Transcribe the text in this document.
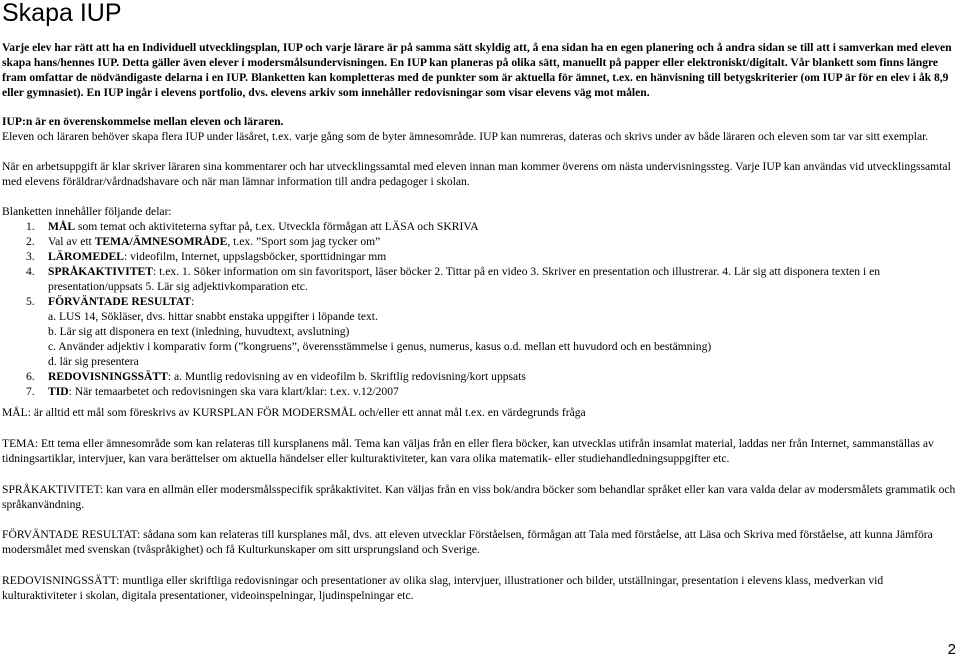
Skapa IUP

Varje elev har rätt att ha en Individuell utvecklingsplan, IUP och varje lärare är på samma sätt skyldig att, å ena sidan ha en egen planering och å andra sidan se till att i samverkan med eleven skapa hans/hennes IUP. Detta gäller även elever i modersmålsundervisningen. En IUP kan planeras på olika sätt, manuellt på papper eller elektroniskt/digitalt. Vår blankett som finns längre fram omfattar de nödvändigaste delarna i en IUP. Blanketten kan kompletteras med de punkter som är aktuella för ämnet, t.ex. en hänvisning till betygskriterier (om IUP är för en elev i åk 8,9 eller gymnasiet). En IUP ingår i elevens portfolio, dvs. elevens arkiv som innehåller redovisningar som visar elevens väg mot målen.

IUP:n är en överenskommelse mellan eleven och läraren.

Eleven och läraren behöver skapa flera IUP under läsåret, t.ex. varje gång som de byter ämnesområde. IUP kan numreras, dateras och skrivs under av både läraren och eleven som tar var sitt exemplar.

När en arbetsuppgift är klar skriver läraren sina kommentarer och har utvecklingssamtal med eleven innan man kommer överens om nästa undervisningssteg. Varje IUP kan användas vid utvecklingssamtal med elevens föräldrar/vårdnadshavare och när man lämnar information till andra pedagoger i skolan.

Blanketten innehåller följande delar:

1. MÅL som temat och aktiviteterna syftar på, t.ex. Utveckla förmågan att LÄSA och SKRIVA
2. Val av ett TEMA/ÄMNESOMRÅDE, t.ex. ”Sport som jag tycker om”
3. LÄROMEDEL: videofilm, Internet, uppslagsböcker, sporttidningar mm
4. SPRÅKAKTIVITET: t.ex. 1. Söker information om sin favoritsport, läser böcker 2. Tittar på en video 3. Skriver en presentation och illustrerar. 4. Lär sig att disponera texten i en presentation/uppsats 5. Lär sig adjektivkomparation etc.
5. FÖRVÄNTADE RESULTAT:
a. LUS 14, Sökläser, dvs. hittar snabbt enstaka uppgifter i löpande text.
b. Lär sig att disponera en text (inledning, huvudtext, avslutning)
c. Använder adjektiv i komparativ form (”kongruens”, överensstämmelse i genus, numerus, kasus o.d. mellan ett huvudord och en bestämning)
d. lär sig presentera
6. REDOVISNINGSSÄTT: a. Muntlig redovisning av en videofilm b. Skriftlig redovisning/kort uppsats
7. TID: När temaarbetet och redovisningen ska vara klart/klar: t.ex. v.12/2007

MÅL: är alltid ett mål som föreskrivs av KURSPLAN FÖR MODERSMÅL och/eller ett annat mål t.ex. en värdegrunds fråga

TEMA: Ett tema eller ämnesområde som kan relateras till kursplanens mål. Tema kan väljas från en eller flera böcker, kan utvecklas utifrån insamlat material, laddas ner från Internet, sammanställas av tidningsartiklar, intervjuer, kan vara berättelser om aktuella händelser eller kulturaktiviteter, kan vara olika matematik- eller studiehandledningsuppgifter etc.

SPRÅKAKTIVITET: kan vara en allmän eller modersmålsspecifik språkaktivitet. Kan väljas från en viss bok/andra böcker som behandlar språket eller kan vara valda delar av modersmålets grammatik och språkanvändning.

FÖRVÄNTADE RESULTAT: sådana som kan relateras till kursplanes mål, dvs. att eleven utvecklar Förståelsen, förmågan att Tala med förståelse, att Läsa och Skriva med förståelse, att kunna Jämföra modersmålet med svenskan (tvåspråkighet) och få Kulturkunskaper om sitt ursprungsland och Sverige.

REDOVISNINGSSÄTT: muntliga eller skriftliga redovisningar och presentationer av olika slag, intervjuer, illustrationer och bilder, utställningar, presentation i elevens klass, medverkan vid kulturaktiviteter i skolan, digitala presentationer, videoinspelningar, ljudinspelningar etc.

2
